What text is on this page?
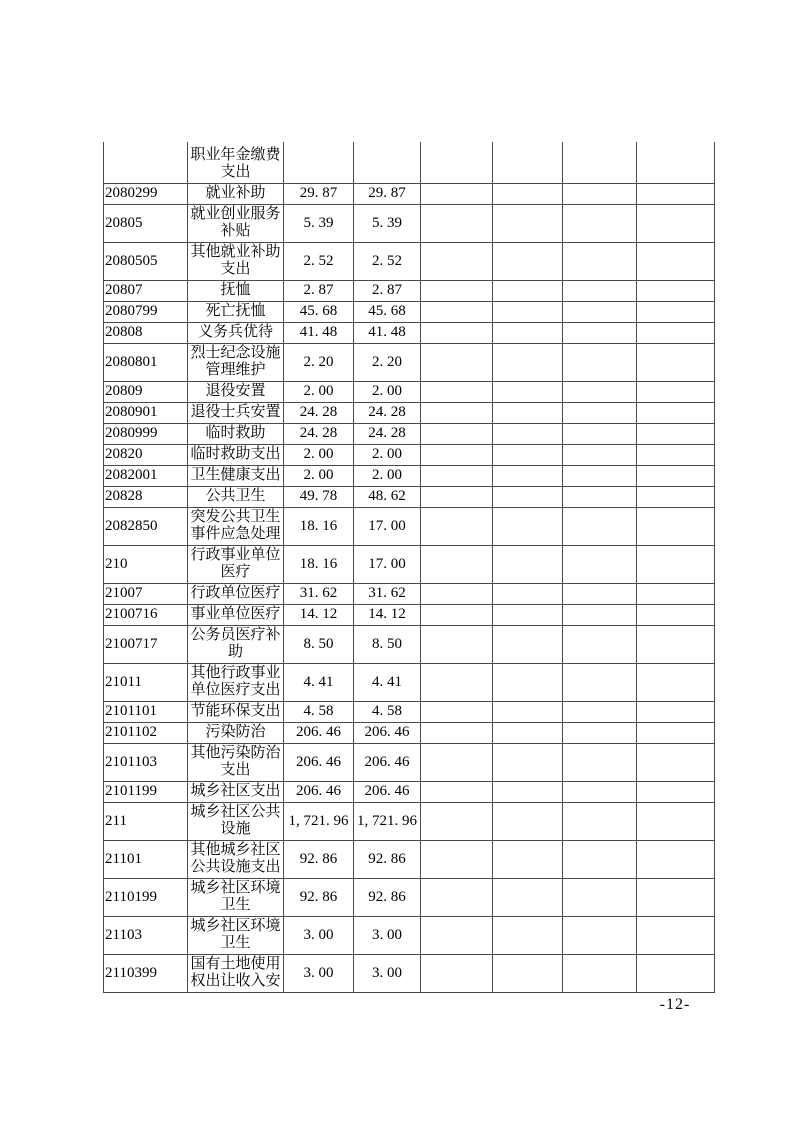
	职业年金缴费支出						
2080299	就业补助	29. 87	29. 87				
20805	就业创业服务补贴	5. 39	5. 39				
2080505	其他就业补助支出	2. 52	2. 52				
20807	抚恤	2. 87	2. 87				
2080799	死亡抚恤	45. 68	45. 68				
20808	义务兵优待	41. 48	41. 48				
2080801	烈士纪念设施管理维护	2. 20	2. 20				
20809	退役安置	2. 00	2. 00				
2080901	退役士兵安置	24. 28	24. 28				
2080999	临时救助	24. 28	24. 28				
20820	临时救助支出	2. 00	2. 00				
2082001	卫生健康支出	2. 00	2. 00				
20828	公共卫生	49. 78	48. 62				
2082850	突发公共卫生事件应急处理	18. 16	17. 00				
210	行政事业单位医疗	18. 16	17. 00				
21007	行政单位医疗	31. 62	31. 62				
2100716	事业单位医疗	14. 12	14. 12				
2100717	公务员医疗补助	8. 50	8. 50				
21011	其他行政事业单位医疗支出	4. 41	4. 41				
2101101	节能环保支出	4. 58	4. 58				
2101102	污染防治	206. 46	206. 46				
2101103	其他污染防治支出	206. 46	206. 46				
2101199	城乡社区支出	206. 46	206. 46				
211	城乡社区公共设施	1, 721. 96	1, 721. 96				
21101	其他城乡社区公共设施支出	92. 86	92. 86				
2110199	城乡社区环境卫生	92. 86	92. 86				
21103	城乡社区环境卫生	3. 00	3. 00				
2110399	国有土地使用权出让收入安	3. 00	3. 00				
-12-
